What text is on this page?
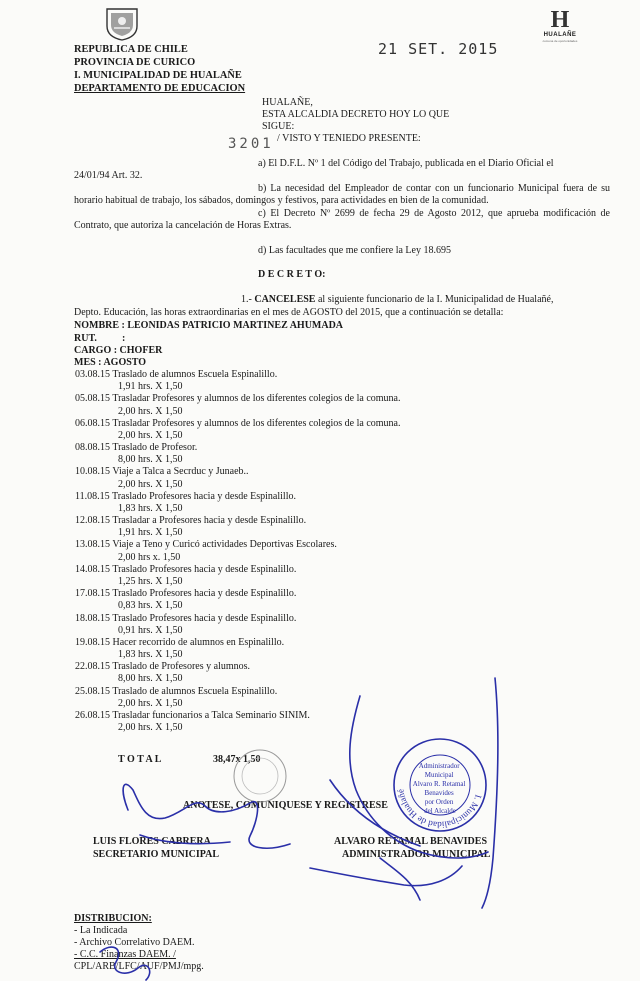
H
HUALAÑE
comuna de oportunidades
21 SET. 2015
REPUBLICA DE CHILE
PROVINCIA DE CURICO
I. MUNICIPALIDAD DE HUALAÑE
DEPARTAMENTO DE EDUCACION
HUALAÑE,
ESTA ALCALDIA DECRETO HOY LO QUE
SIGUE:
3201 / VISTO Y TENIEDO PRESENTE:
a) El D.F.L. Nº 1 del Código del Trabajo, publicada en el Diario Oficial el
24/01/94 Art. 32.
b) La necesidad del Empleador de contar con un funcionario Municipal fuera de su horario habitual de trabajo, los sábados, domingos y festivos, para actividades en bien de la comunidad.
c) El Decreto Nº 2699 de fecha 29 de Agosto 2012, que aprueba modificación de Contrato, que autoriza la cancelación de Horas Extras.
d) Las facultades que me confiere la Ley 18.695
D E C R E T O:
1.- CANCELESE al siguiente funcionario de la I. Municipalidad de Hualañé,
Depto. Educación, las horas extraordinarias en el mes de AGOSTO del 2015, que a continuación se detalla:
NOMBRE : LEONIDAS PATRICIO MARTINEZ AHUMADA
RUT.	:
CARGO : CHOFER
MES : AGOSTO
03.08.15 Traslado de alumnos Escuela Espinalillo.
1,91 hrs. X 1,50
05.08.15 Trasladar Profesores y alumnos de los diferentes colegios de la comuna.
2,00 hrs. X 1,50
06.08.15 Trasladar Profesores y alumnos de los diferentes colegios de la comuna.
2,00 hrs. X 1,50
08.08.15 Traslado de Profesor.
8,00 hrs. X 1,50
10.08.15 Viaje a Talca a Secrduc y Junaeb..
2,00 hrs. X 1,50
11.08.15 Traslado Profesores hacia y desde Espinalillo.
1,83 hrs. X 1,50
12.08.15 Trasladar a Profesores hacia y desde Espinalillo.
1,91 hrs. X 1,50
13.08.15 Viaje a Teno y Curicó actividades Deportivas Escolares.
2,00 hrs x. 1,50
14.08.15 Traslado Profesores hacia y desde Espinalillo.
1,25 hrs. X 1,50
17.08.15 Traslado Profesores hacia y desde Espinalillo.
0,83 hrs. X 1,50
18.08.15 Traslado Profesores hacia y desde Espinalillo.
0,91 hrs. X 1,50
19.08.15 Hacer recorrido de alumnos en Espinalillo.
1,83 hrs. X 1,50
22.08.15 Traslado de Profesores y alumnos.
8,00 hrs. X 1,50
25.08.15 Traslado de alumnos Escuela Espinalillo.
2,00 hrs. X 1,50
26.08.15 Trasladar funcionarios a Talca Seminario SINIM.
2,00 hrs. X 1,50
T O T A L	38,47x 1,50
ANOTESE, COMUNIQUESE Y REGISTRESE
LUIS FLORES CABRERA
SECRETARIO MUNICIPAL
ALVARO RETAMAL BENAVIDES
ADMINISTRADOR MUNICIPAL
I. Municipalidad de Hualañé
Administrador Municipal Alvaro R. Retamal Benavides por Orden del Alcalde
DISTRIBUCION:
- La Indicada
- Archivo Correlativo DAEM.
- C.C. Finanzas DAEM. /
CPL/ARB/LFC/AUF/PMJ/mpg.
